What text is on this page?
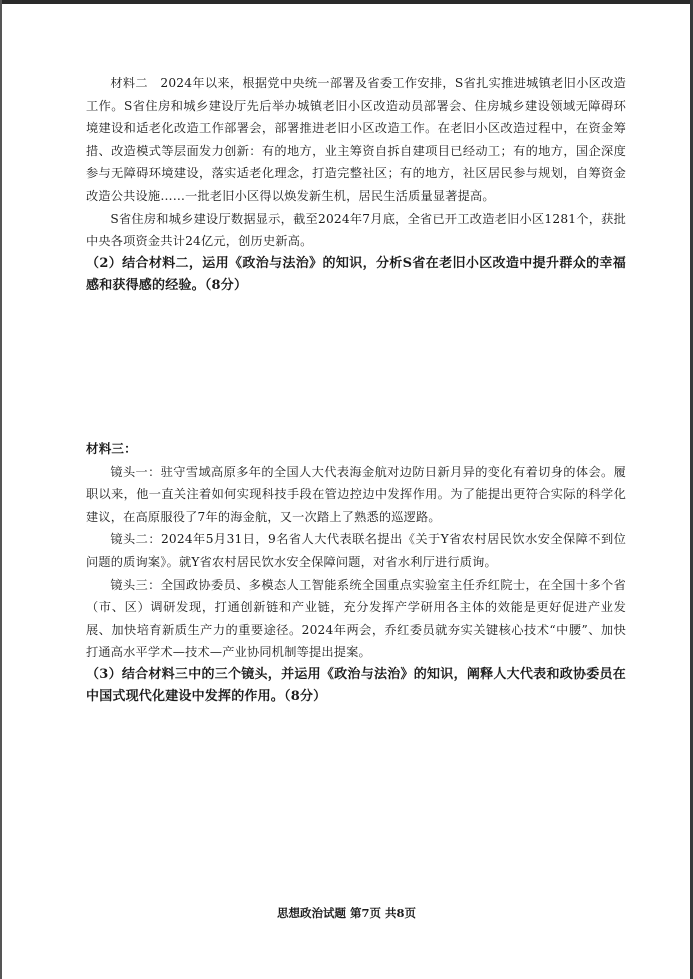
材料二　2024年以来，根据党中央统一部署及省委工作安排，S省扎实推进城镇老旧小区改造工作。S省住房和城乡建设厅先后举办城镇老旧小区改造动员部署会、住房城乡建设领域无障碍环境建设和适老化改造工作部署会，部署推进老旧小区改造工作。在老旧小区改造过程中，在资金筹措、改造模式等层面发力创新：有的地方，业主筹资自拆自建项目已经动工；有的地方，国企深度参与无障碍环境建设，落实适老化理念，打造完整社区；有的地方，社区居民参与规划，自筹资金改造公共设施……一批老旧小区得以焕发新生机，居民生活质量显著提高。

S省住房和城乡建设厅数据显示，截至2024年7月底，全省已开工改造老旧小区1281个，获批中央各项资金共计24亿元，创历史新高。

（2）结合材料二，运用《政治与法治》的知识，分析S省在老旧小区改造中提升群众的幸福感和获得感的经验。（8分）

材料三：

镜头一：驻守雪域高原多年的全国人大代表海金航对边防日新月异的变化有着切身的体会。履职以来，他一直关注着如何实现科技手段在管边控边中发挥作用。为了能提出更符合实际的科学化建议，在高原服役了7年的海金航，又一次踏上了熟悉的巡逻路。

镜头二：2024年5月31日，9名省人大代表联名提出《关于Y省农村居民饮水安全保障不到位问题的质询案》。就Y省农村居民饮水安全保障问题，对省水利厅进行质询。

镜头三：全国政协委员、多模态人工智能系统全国重点实验室主任乔红院士，在全国十多个省（市、区）调研发现，打通创新链和产业链，充分发挥产学研用各主体的效能是更好促进产业发展、加快培育新质生产力的重要途径。2024年两会，乔红委员就夯实关键核心技术“中腰”、加快打通高水平学术—技术—产业协同机制等提出提案。

（3）结合材料三中的三个镜头，并运用《政治与法治》的知识，阐释人大代表和政协委员在中国式现代化建设中发挥的作用。（8分）

思想政治试题 第7页 共8页
